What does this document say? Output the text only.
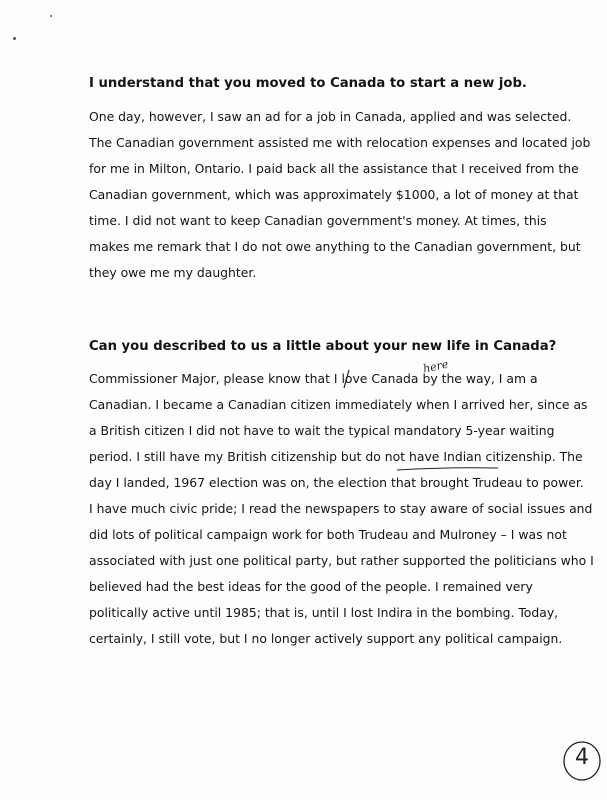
I understand that you moved to Canada to start a new job.
One day, however, I saw an ad for a job in Canada, applied and was selected.
The Canadian government assisted me with relocation expenses and located job
for me in Milton, Ontario. I paid back all the assistance that I received from the
Canadian government, which was approximately $1000, a lot of money at that
time. I did not want to keep Canadian government's money. At times, this
makes me remark that I do not owe anything to the Canadian government, but
they owe me my daughter.
Can you described to us a little about your new life in Canada?
Commissioner Major, please know that I love Canada by the way, I am a
Canadian. I became a Canadian citizen immediately when I arrived her, since as
a British citizen I did not have to wait the typical mandatory 5-year waiting
period. I still have my British citizenship but do not have Indian citizenship. The
day I landed, 1967 election was on, the election that brought Trudeau to power.
I have much civic pride; I read the newspapers to stay aware of social issues and
did lots of political campaign work for both Trudeau and Mulroney – I was not
associated with just one political party, but rather supported the politicians who I
believed had the best ideas for the good of the people. I remained very
politically active until 1985; that is, until I lost Indira in the bombing. Today,
certainly, I still vote, but I no longer actively support any political campaign.
here
4
